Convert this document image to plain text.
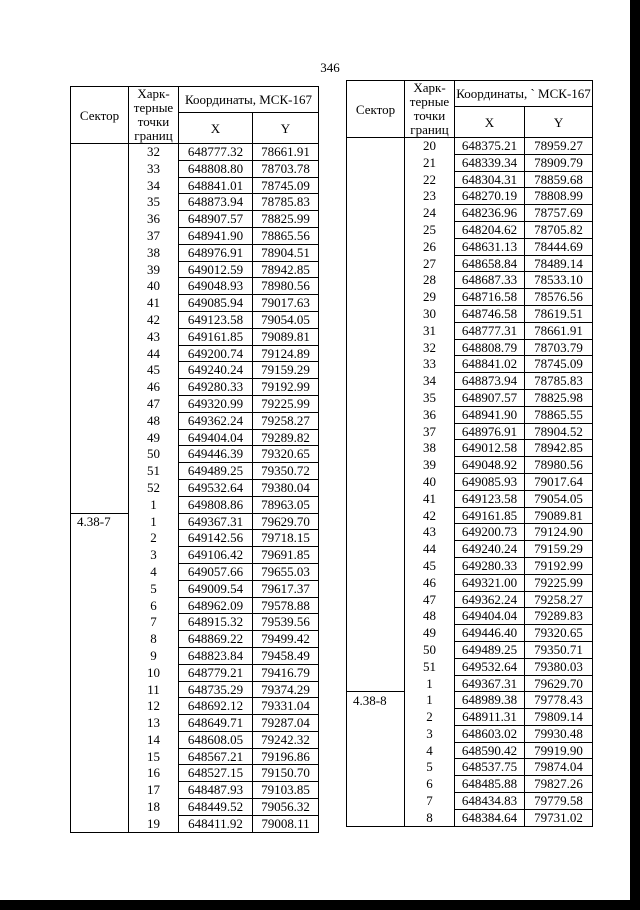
346
Сектор	Харк-терные точки границ	Координаты, МСК-167	
		X	Y
	32	648777.32	78661.91
	33	648808.80	78703.78
	34	648841.01	78745.09
	35	648873.94	78785.83
	36	648907.57	78825.99
	37	648941.90	78865.56
	38	648976.91	78904.51
	39	649012.59	78942.85
	40	649048.93	78980.56
	41	649085.94	79017.63
	42	649123.58	79054.05
	43	649161.85	79089.81
	44	649200.74	79124.89
	45	649240.24	79159.29
	46	649280.33	79192.99
	47	649320.99	79225.99
	48	649362.24	79258.27
	49	649404.04	79289.82
	50	649446.39	79320.65
	51	649489.25	79350.72
	52	649532.64	79380.04
	1	649808.86	78963.05
4.38-7	1	649367.31	79629.70
	2	649142.56	79718.15
	3	649106.42	79691.85
	4	649057.66	79655.03
	5	649009.54	79617.37
	6	648962.09	79578.88
	7	648915.32	79539.56
	8	648869.22	79499.42
	9	648823.84	79458.49
	10	648779.21	79416.79
	11	648735.29	79374.29
	12	648692.12	79331.04
	13	648649.71	79287.04
	14	648608.05	79242.32
	15	648567.21	79196.86
	16	648527.15	79150.70
	17	648487.93	79103.85
	18	648449.52	79056.32
	19	648411.92	79008.11
Сектор	Харк-терные точки границ	Координаты, ` МСК-167	
		X	Y
	20	648375.21	78959.27
	21	648339.34	78909.79
	22	648304.31	78859.68
	23	648270.19	78808.99
	24	648236.96	78757.69
	25	648204.62	78705.82
	26	648631.13	78444.69
	27	648658.84	78489.14
	28	648687.33	78533.10
	29	648716.58	78576.56
	30	648746.58	78619.51
	31	648777.31	78661.91
	32	648808.79	78703.79
	33	648841.02	78745.09
	34	648873.94	78785.83
	35	648907.57	78825.98
	36	648941.90	78865.55
	37	648976.91	78904.52
	38	649012.58	78942.85
	39	649048.92	78980.56
	40	649085.93	79017.64
	41	649123.58	79054.05
	42	649161.85	79089.81
	43	649200.73	79124.90
	44	649240.24	79159.29
	45	649280.33	79192.99
	46	649321.00	79225.99
	47	649362.24	79258.27
	48	649404.04	79289.83
	49	649446.40	79320.65
	50	649489.25	79350.71
	51	649532.64	79380.03
	1	649367.31	79629.70
4.38-8	1	648989.38	79778.43
	2	648911.31	79809.14
	3	648603.02	79930.48
	4	648590.42	79919.90
	5	648537.75	79874.04
	6	648485.88	79827.26
	7	648434.83	79779.58
	8	648384.64	79731.02
